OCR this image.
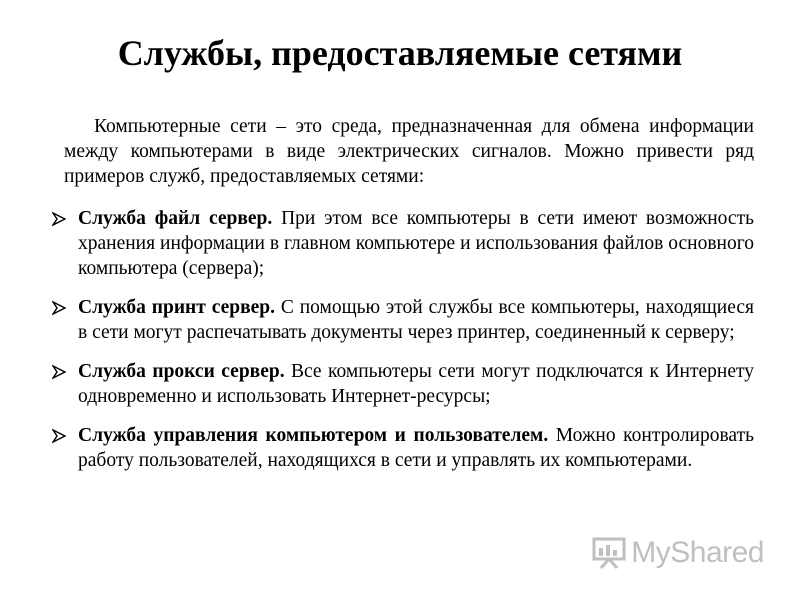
Службы, предоставляемые сетями

Компьютерные сети – это среда, предназначенная для обмена информации между компьютерами в виде электрических сигналов. Можно привести ряд примеров служб, предоставляемых сетями:

Служба файл сервер. При этом все компьютеры в сети имеют возможность хранения информации в главном компьютере и использования файлов основного компьютера (сервера);
Служба принт сервер. С помощью этой службы все компьютеры, находящиеся в сети могут распечатывать документы через принтер, соединенный к серверу;
Служба прокси сервер. Все компьютеры сети могут подключатся к Интернету одновременно и использовать Интернет-ресурсы;
Служба управления компьютером и пользователем. Можно контролировать работу пользователей, находящихся в сети и управлять их компьютерами.
MyShared
